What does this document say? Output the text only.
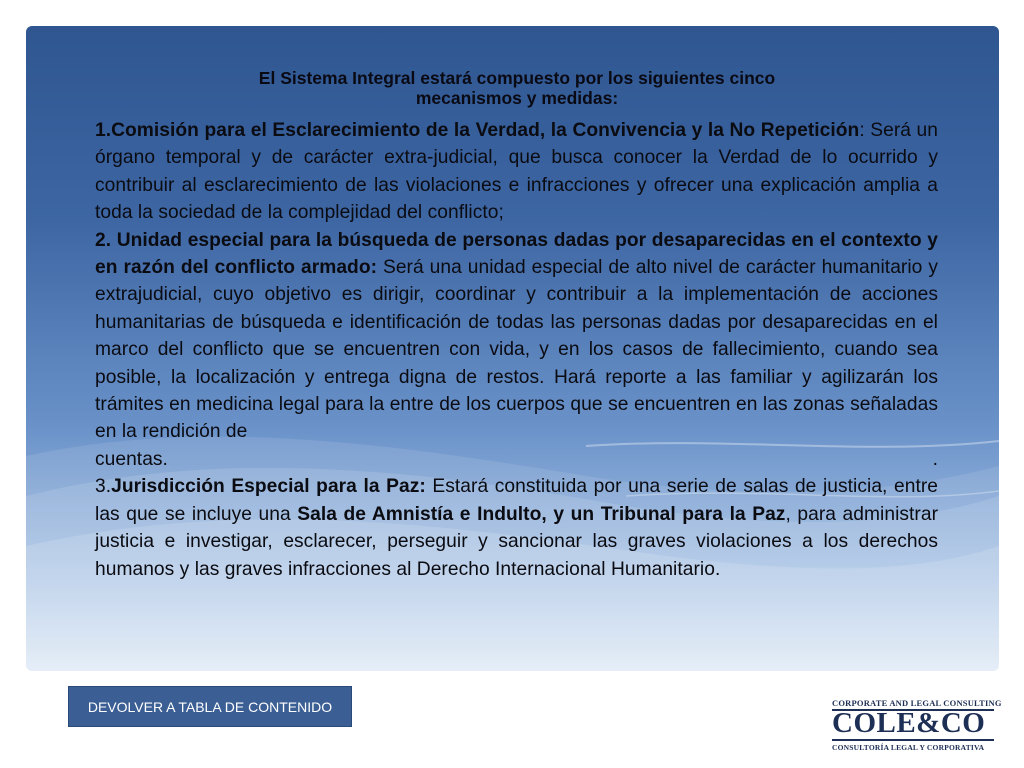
El Sistema Integral estará compuesto por los siguientes cinco
mecanismos y medidas:

1.Comisión para el Esclarecimiento de la Verdad, la Convivencia y la No Repetición: Será un órgano temporal y de carácter extra-judicial, que busca conocer la Verdad de lo ocurrido y contribuir al esclarecimiento de las violaciones e infracciones y ofrecer una explicación amplia a toda la sociedad de la complejidad del conflicto;

2. Unidad especial para la búsqueda de personas dadas por desaparecidas en el contexto y en razón del conflicto armado: Será una unidad especial de alto nivel de carácter humanitario y extrajudicial, cuyo objetivo es dirigir, coordinar y contribuir a la implementación de acciones humanitarias de búsqueda e identificación de todas las personas dadas por desaparecidas en el marco del conflicto que se encuentren con vida, y en los casos de fallecimiento, cuando sea posible, la localización y entrega digna de restos. Hará reporte a las familiar y agilizarán los trámites en medicina legal para la entre de los cuerpos que se encuentren en las zonas señaladas en la rendición de

cuentas.	.

3.Jurisdicción Especial para la Paz: Estará constituida por una serie de salas de justicia, entre las que se incluye una Sala de Amnistía e Indulto, y un Tribunal para la Paz, para administrar justicia e investigar, esclarecer, perseguir y sancionar las graves violaciones a los derechos humanos y las graves infracciones al Derecho Internacional Humanitario.

DEVOLVER A TABLA DE CONTENIDO	CORPORATE AND LEGAL CONSULTING
COLE&CO
CONSULTORÍA LEGAL Y CORPORATIVA
